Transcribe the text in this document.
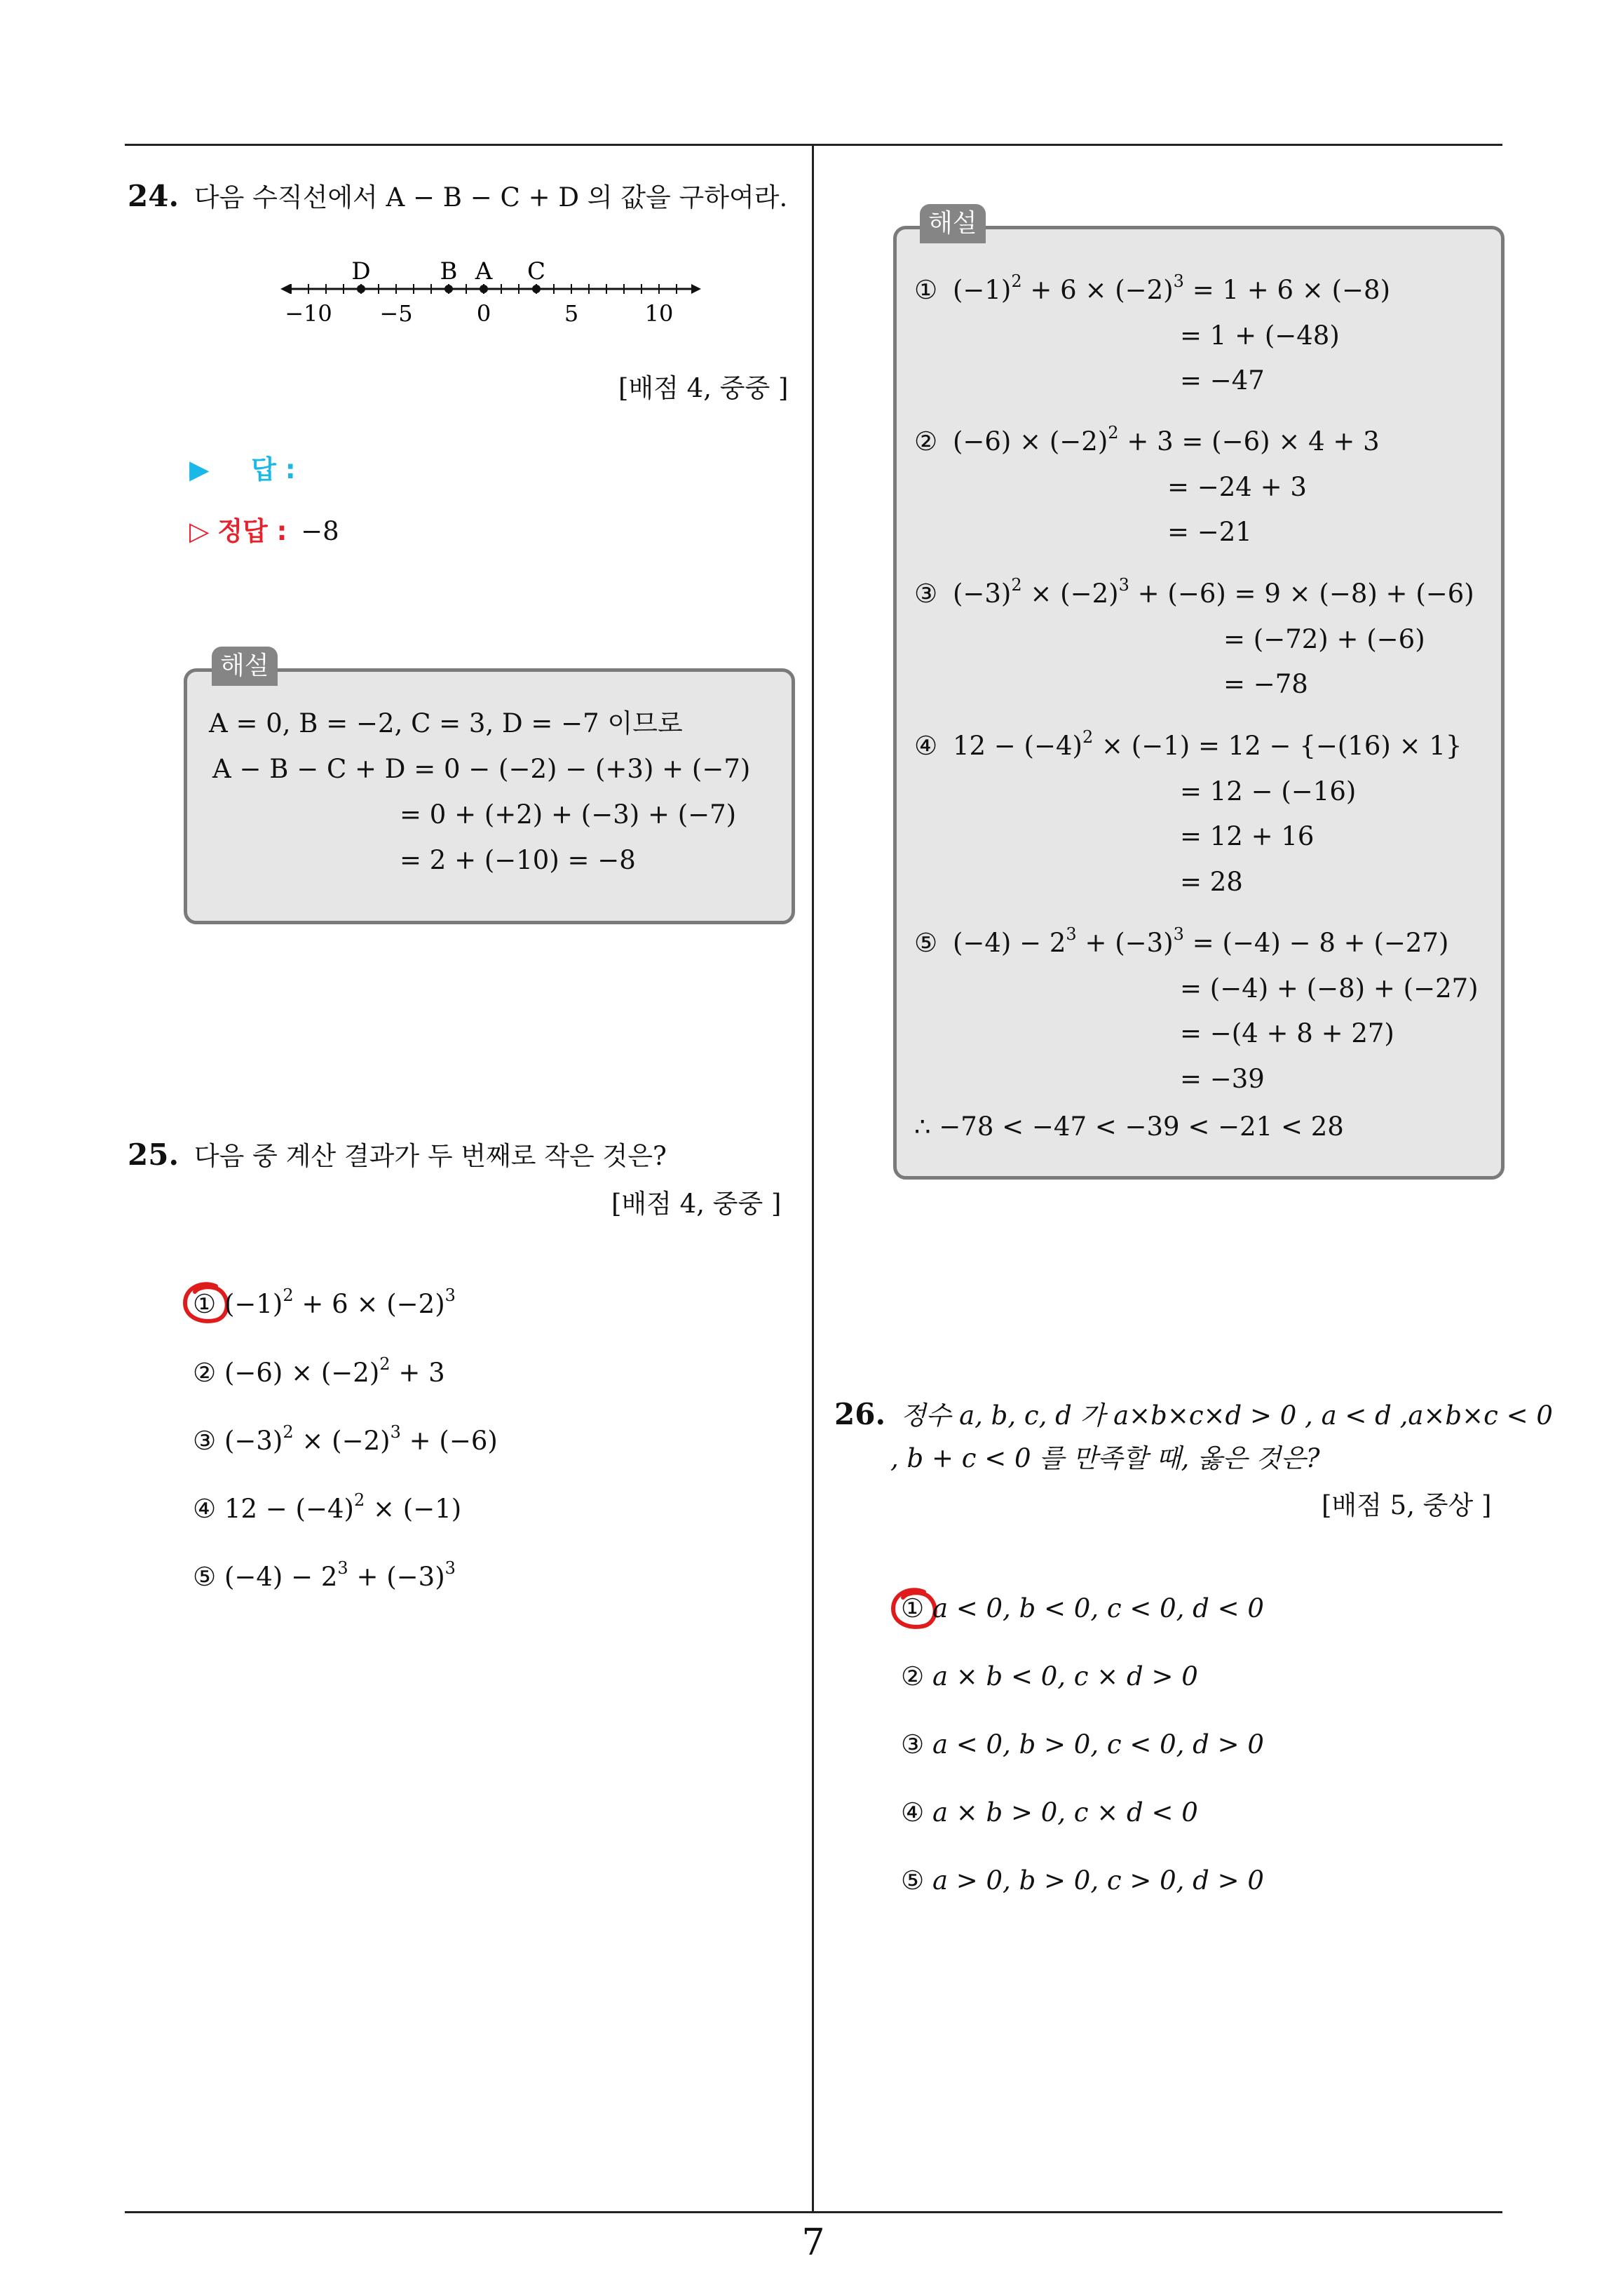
7
24. 다음 수직선에서 A − B − C + D 의 값을 구하여라.
D	B A C
−10 −5	0	5	10
[배점 4, 중중 ]
▶ 답 :
▷ 정답 : −8
해설
A = 0, B = −2, C = 3, D = −7 이므로
A − B − C + D = 0 − (−2) − (+3) + (−7)
= 0 + (+2) + (−3) + (−7)
= 2 + (−10) = −8
25. 다음 중 계산 결과가 두 번째로 작은 것은?
[배점 4, 중중 ]
① $(-1)^2 + 6 \times (-2)^3$
② $(-6) \times (-2)^2 + 3$
③ $(-3)^2 \times (-2)^3 + (-6)$
④ $12 - (-4)^2 \times (-1)$
⑤ $(-4) - 2^3 + (-3)^3$
해설
① $(-1)^2 + 6 \times (-2)^3 = 1 + 6 \times (-8)$
= 1 + (−48)
= −47
② $(-6) \times (-2)^2 + 3 = (-6) \times 4 + 3$
= −24 + 3
= −21
③ $(-3)^2 \times (-2)^3 + (-6) = 9 \times (-8) + (-6)$
= (−72) + (−6)
= −78
④ $12 - (-4)^2 \times (-1) = 12 - \{-(16) \times 1\}$
= 12 − (−16)
= 12 + 16
= 28
⑤ $(-4) - 2^3 + (-3)^3 = (-4) - 8 + (-27)$
= (−4) + (−8) + (−27)
= −(4 + 8 + 27)
= −39
∴ −78 < −47 < −39 < −21 < 28
26. 정수 a, b, c, d 가 a×b×c×d > 0 , a < d ,a×b×c < 0
, b + c < 0 를 만족할 때, 옳은 것은?
[배점 5, 중상 ]
① a < 0, b < 0, c < 0, d < 0
② a × b < 0, c × d > 0
③ a < 0, b > 0, c < 0, d > 0
④ a × b > 0, c × d < 0
⑤ a > 0, b > 0, c > 0, d > 0
